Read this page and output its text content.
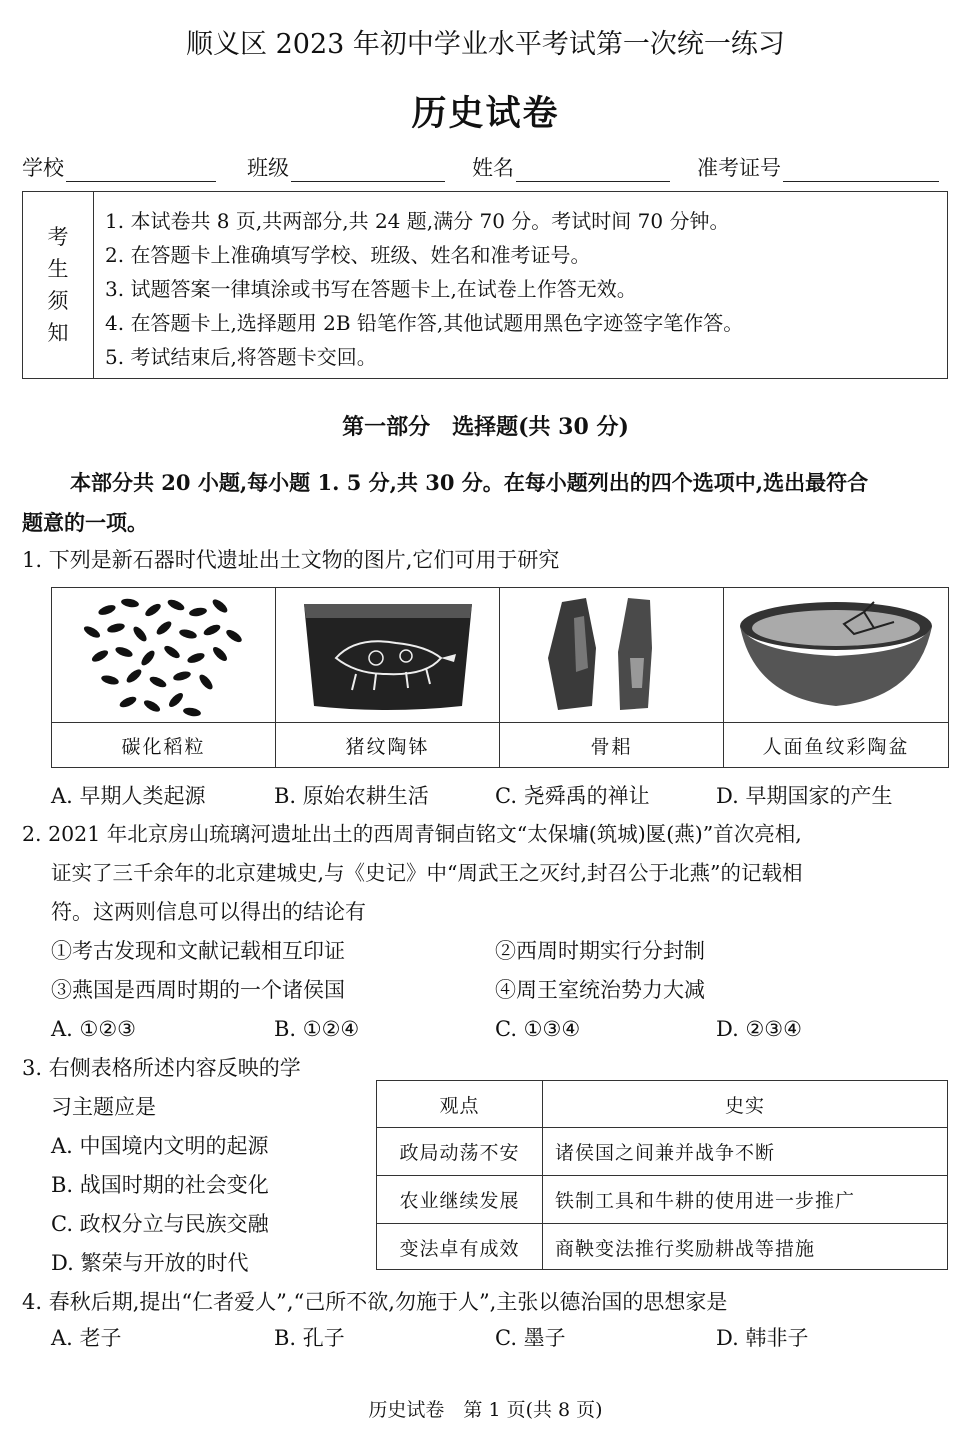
顺义区 2023 年初中学业水平考试第一次统一练习
历史试卷
学校	班级	姓名	准考证号
考
生
须
知
1. 本试卷共 8 页,共两部分,共 24 题,满分 70 分。考试时间 70 分钟。
2. 在答题卡上准确填写学校、班级、姓名和准考证号。
3. 试题答案一律填涂或书写在答题卡上,在试卷上作答无效。
4. 在答题卡上,选择题用 2B 铅笔作答,其他试题用黑色字迹签字笔作答。
5. 考试结束后,将答题卡交回。
第一部分　选择题(共 30 分)
本部分共 20 小题,每小题 1. 5 分,共 30 分。在每小题列出的四个选项中,选出最符合
题意的一项。
1. 下列是新石器时代遗址出土文物的图片,它们可用于研究
碳化稻粒	猪纹陶钵	骨耜	人面鱼纹彩陶盆
A. 早期人类起源	B. 原始农耕生活	C. 尧舜禹的禅让	D. 早期国家的产生
2. 2021 年北京房山琉璃河遗址出土的西周青铜卣铭文“太保墉(筑城)匽(燕)”首次亮相,
证实了三千余年的北京建城史,与《史记》中“周武王之灭纣,封召公于北燕”的记载相
符。这两则信息可以得出的结论有
①考古发现和文献记载相互印证	②西周时期实行分封制
③燕国是西周时期的一个诸侯国	④周王室统治势力大减
A. ①②③	B. ①②④	C. ①③④	D. ②③④
3. 右侧表格所述内容反映的学
习主题应是
A. 中国境内文明的起源
B. 战国时期的社会变化
C. 政权分立与民族交融
D. 繁荣与开放的时代
观点	史实
政局动荡不安	诸侯国之间兼并战争不断
农业继续发展	铁制工具和牛耕的使用进一步推广
变法卓有成效	商鞅变法推行奖励耕战等措施
4. 春秋后期,提出“仁者爱人”,“己所不欲,勿施于人”,主张以德治国的思想家是
A. 老子	B. 孔子	C. 墨子	D. 韩非子
历史试卷　第 1 页(共 8 页)
